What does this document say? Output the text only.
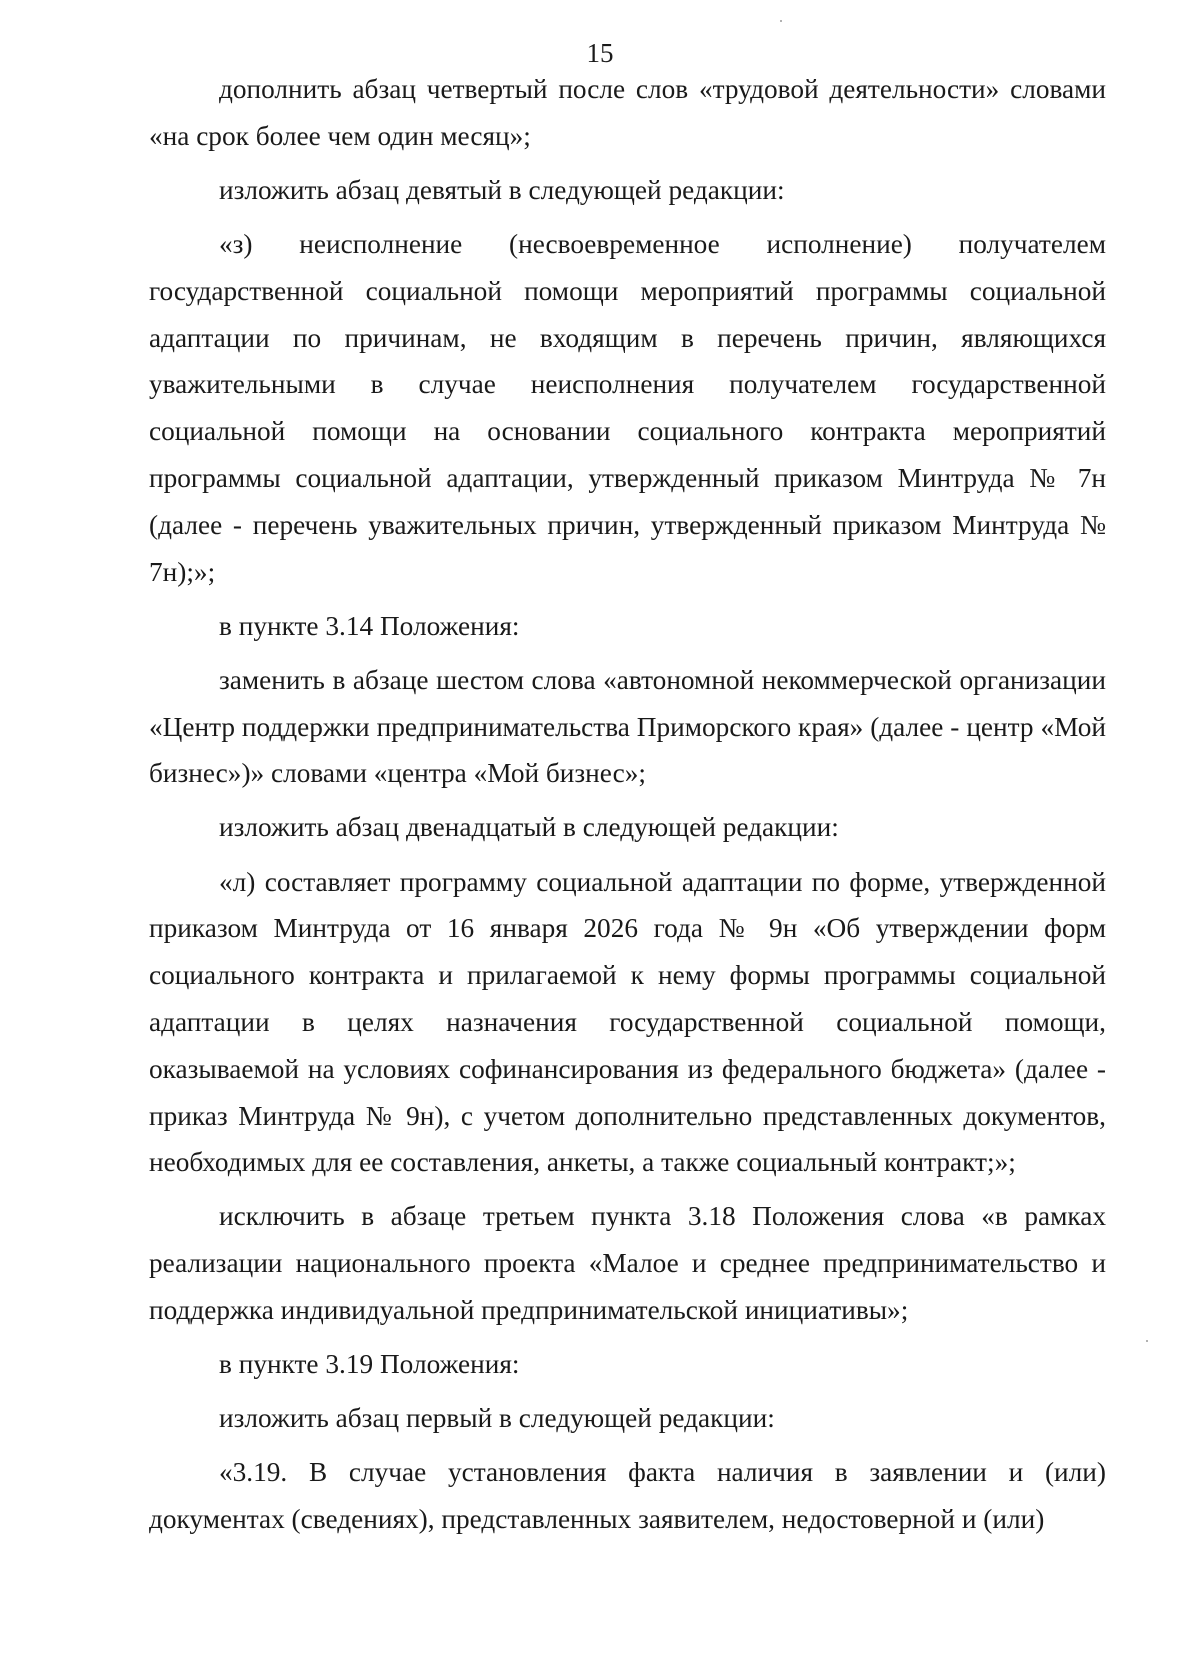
15

дополнить абзац четвертый после слов «трудовой деятельности» словами «на срок более чем один месяц»;

изложить абзац девятый в следующей редакции:

«з) неисполнение (несвоевременное исполнение) получателем государственной социальной помощи мероприятий программы социальной адаптации по причинам, не входящим в перечень причин, являющихся уважительными в случае неисполнения получателем государственной социальной помощи на основании социального контракта мероприятий программы социальной адаптации, утвержденный приказом Минтруда № 7н (далее - перечень уважительных причин, утвержденный приказом Минтруда № 7н);»;

в пункте 3.14 Положения:

заменить в абзаце шестом слова «автономной некоммерческой организации «Центр поддержки предпринимательства Приморского края» (далее - центр «Мой бизнес»)» словами «центра «Мой бизнес»;

изложить абзац двенадцатый в следующей редакции:

«л) составляет программу социальной адаптации по форме, утвержденной приказом Минтруда от 16 января 2026 года № 9н «Об утверждении форм социального контракта и прилагаемой к нему формы программы социальной адаптации в целях назначения государственной социальной помощи, оказываемой на условиях софинансирования из федерального бюджета» (далее - приказ Минтруда № 9н), с учетом дополнительно представленных документов, необходимых для ее составления, анкеты, а также социальный контракт;»;

исключить в абзаце третьем пункта 3.18 Положения слова «в рамках реализации национального проекта «Малое и среднее предпринимательство и поддержка индивидуальной предпринимательской инициативы»;

в пункте 3.19 Положения:

изложить абзац первый в следующей редакции:

«3.19. В случае установления факта наличия в заявлении и (или) документах (сведениях), представленных заявителем, недостоверной и (или)
